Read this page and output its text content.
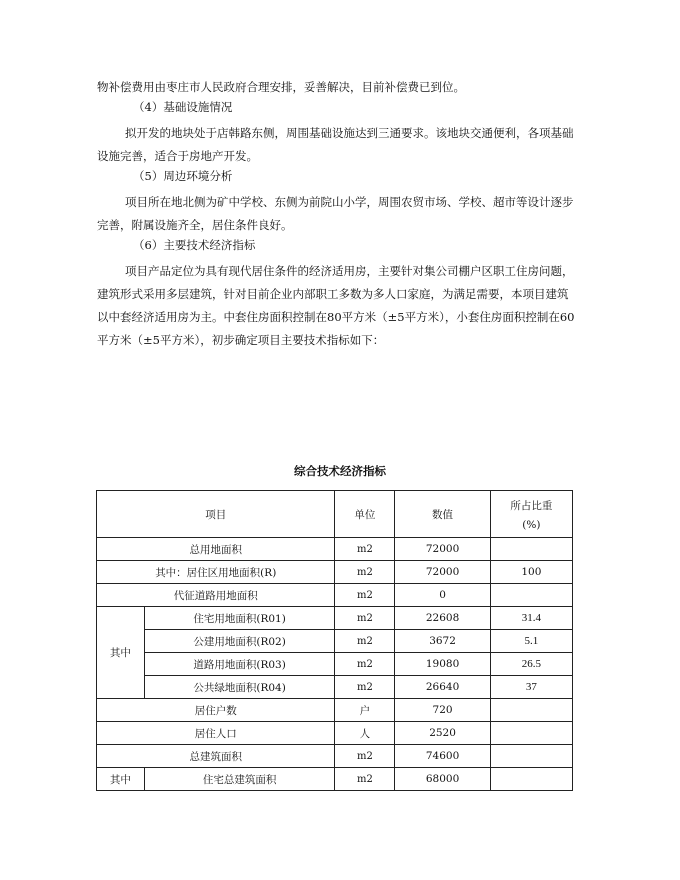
物补偿费用由枣庄市人民政府合理安排，妥善解决，目前补偿费已到位。

（4）基础设施情况

拟开发的地块处于店韩路东侧，周围基础设施达到三通要求。该地块交通便利，各项基础设施完善，适合于房地产开发。

（5）周边环境分析

项目所在地北侧为矿中学校、东侧为前院山小学，周围农贸市场、学校、超市等设计逐步完善，附属设施齐全，居住条件良好。

（6）主要技术经济指标

项目产品定位为具有现代居住条件的经济适用房，主要针对集公司棚户区职工住房问题，建筑形式采用多层建筑，针对目前企业内部职工多数为多人口家庭，为满足需要，本项目建筑以中套经济适用房为主。中套住房面积控制在80平方米（±5平方米），小套住房面积控制在60平方米（±5平方米），初步确定项目主要技术指标如下：

综合技术经济指标
项目		单位	数值	所占比重
(%)

总用地面积		m2	72000	
其中：居住区用地面积(R)		m2	72000	100
代征道路用地面积		m2	0	
其中	住宅用地面积(R01)	m2	22608	31.4
	公建用地面积(R02)	m2	3672	5.1
	道路用地面积(R03)	m2	19080	26.5
	公共绿地面积(R04)	m2	26640	37
居住户数		户	720	
居住人口		人	2520	
总建筑面积		m2	74600	
其中	住宅总建筑面积	m2	68000	
